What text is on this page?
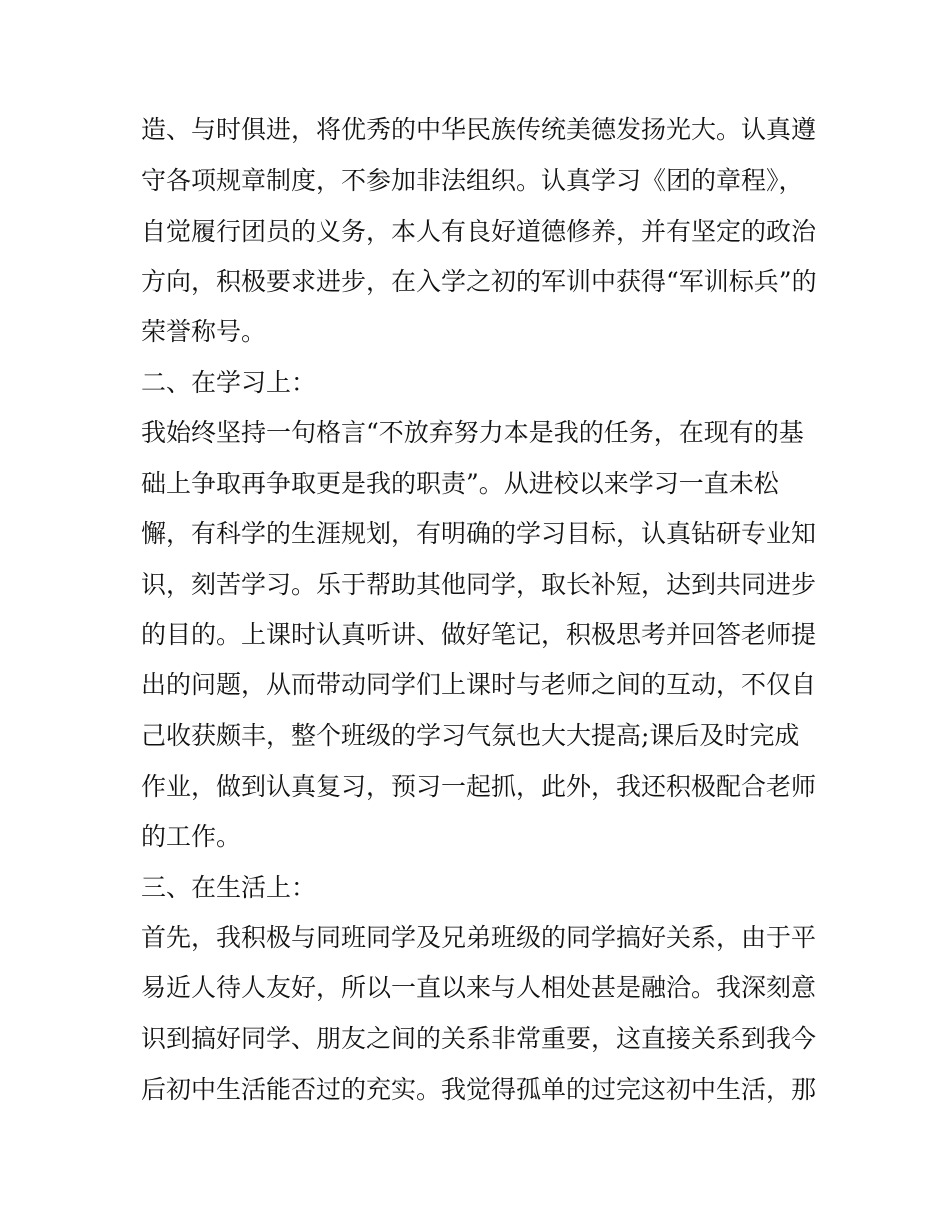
造、与时俱进，将优秀的中华民族传统美德发扬光大。认真遵
守各项规章制度，不参加非法组织。认真学习《团的章程》，
自觉履行团员的义务，本人有良好道德修养，并有坚定的政治
方向，积极要求进步，在入学之初的军训中获得“军训标兵”的
荣誉称号。
二、在学习上：
我始终坚持一句格言“不放弃努力本是我的任务，在现有的基
础上争取再争取更是我的职责”。从进校以来学习一直未松
懈，有科学的生涯规划，有明确的学习目标，认真钻研专业知
识，刻苦学习。乐于帮助其他同学，取长补短，达到共同进步
的目的。上课时认真听讲、做好笔记，积极思考并回答老师提
出的问题，从而带动同学们上课时与老师之间的互动，不仅自
己收获颇丰，整个班级的学习气氛也大大提高;课后及时完成
作业，做到认真复习，预习一起抓，此外，我还积极配合老师
的工作。
三、在生活上：
首先，我积极与同班同学及兄弟班级的同学搞好关系，由于平
易近人待人友好，所以一直以来与人相处甚是融洽。我深刻意
识到搞好同学、朋友之间的关系非常重要，这直接关系到我今
后初中生活能否过的充实。我觉得孤单的过完这初中生活，那
